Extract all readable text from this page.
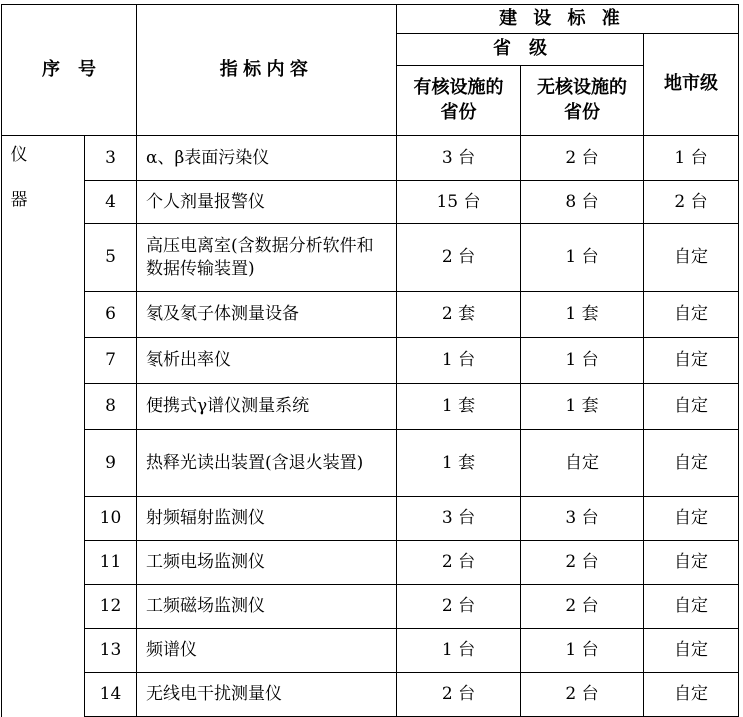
序　号		指标内容	建设标准		
			省　级		地市级
			有核设施的省份	无核设施的省份	

仪
器	3	α、β表面污染仪	3 台	2 台	1 台
	4	个人剂量报警仪	15 台	8 台	2 台
	5	高压电离室(含数据分析软件和数据传输装置)	2 台	1 台	自定
	6	氡及氡子体测量设备	2 套	1 套	自定
	7	氡析出率仪	1 台	1 台	自定
	8	便携式γ谱仪测量系统	1 套	1 套	自定
	9	热释光读出装置(含退火装置)	1 套	自定	自定
	10	射频辐射监测仪	3 台	3 台	自定
	11	工频电场监测仪	2 台	2 台	自定
	12	工频磁场监测仪	2 台	2 台	自定
	13	频谱仪	1 台	1 台	自定
	14	无线电干扰测量仪	2 台	2 台	自定
